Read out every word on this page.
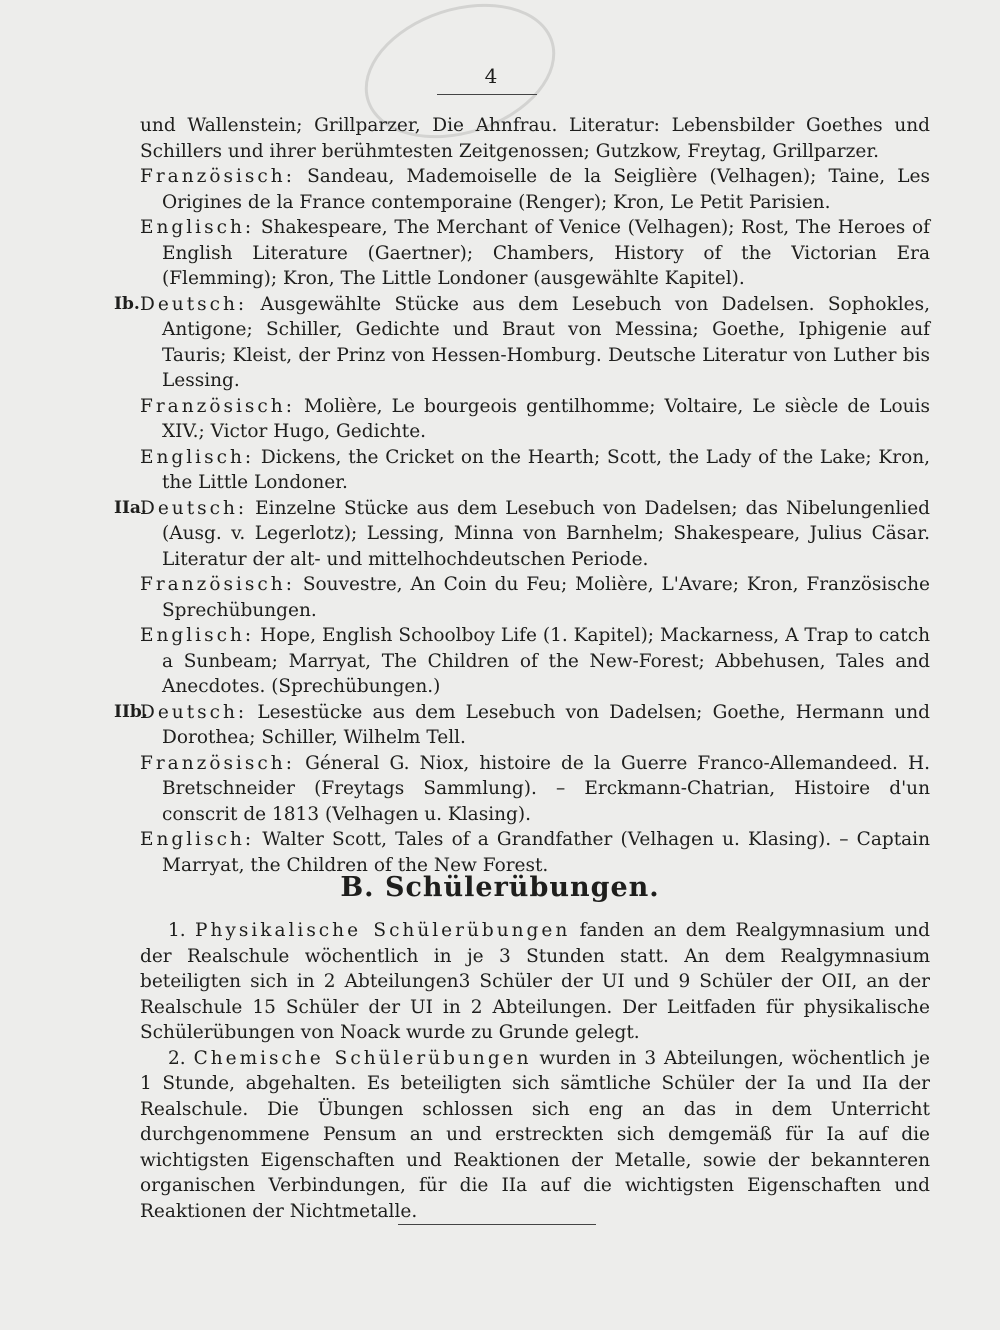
4

und Wallenstein; Grillparzer, Die Ahnfrau. Literatur: Lebensbilder Goethes und Schillers und ihrer berühmtesten Zeitgenossen; Gutzkow, Freytag, Grillparzer.

Französisch: Sandeau, Mademoiselle de la Seiglière (Velhagen); Taine, Les Origines de la France contemporaine (Renger); Kron, Le Petit Parisien.
Englisch: Shakespeare, The Merchant of Venice (Velhagen); Rost, The Heroes of English Literature (Gaertner); Chambers, History of the Victorian Era (Flemming); Kron, The Little Londoner (ausgewählte Kapitel).
Ib. Deutsch: Ausgewählte Stücke aus dem Lesebuch von Dadelsen. Sophokles, Antigone; Schiller, Gedichte und Braut von Messina; Goethe, Iphigenie auf Tauris; Kleist, der Prinz von Hessen-Homburg. Deutsche Literatur von Luther bis Lessing.
Französisch: Molière, Le bourgeois gentilhomme; Voltaire, Le siècle de Louis XIV.; Victor Hugo, Gedichte.
Englisch: Dickens, the Cricket on the Hearth; Scott, the Lady of the Lake; Kron, the Little Londoner.
IIa.
Deutsch: Einzelne Stücke aus dem Lesebuch von Dadelsen; das Nibelungenlied (Ausg. v. Legerlotz); Lessing, Minna von Barnhelm; Shakespeare, Julius Cäsar. Literatur der alt- und mittelhochdeutschen Periode.
Französisch: Souvestre, An Coin du Feu; Molière, L'Avare; Kron, Französische Sprechübungen.
Englisch: Hope, English Schoolboy Life (1. Kapitel); Mackarness, A Trap to catch a Sunbeam; Marryat, The Children of the New-Forest; Abbehusen, Tales and Anecdotes. (Sprechübungen.)
IIb.
Deutsch: Lesestücke aus dem Lesebuch von Dadelsen; Goethe, Hermann und Dorothea; Schiller, Wilhelm Tell.
Französisch: Géneral G. Niox, histoire de la Guerre Franco-Allemandeed. H. Bretschneider (Freytags Sammlung). – Erckmann-Chatrian, Histoire d'un conscrit de 1813 (Velhagen u. Klasing).
Englisch: Walter Scott, Tales of a Grandfather (Velhagen u. Klasing). – Captain Marryat, the Children of the New Forest.
B. Schülerübungen.

1. Physikalische Schülerübungen fanden an dem Realgymnasium und der Realschule wöchentlich in je 3 Stunden statt. An dem Realgymnasium beteiligten sich in 2 Abteilungen3 Schüler der UI und 9 Schüler der OII, an der Realschule 15 Schüler der UI in 2 Abteilungen. Der Leitfaden für physikalische Schülerübungen von Noack wurde zu Grunde gelegt.

2. Chemische Schülerübungen wurden in 3 Abteilungen, wöchentlich je 1 Stunde, abgehalten. Es beteiligten sich sämtliche Schüler der Ia und IIa der Realschule. Die Übungen schlossen sich eng an das in dem Unterricht durchgenommene Pensum an und erstreckten sich demgemäß für Ia auf die wichtigsten Eigenschaften und Reaktionen der Metalle, sowie der bekannteren organischen Verbindungen, für die IIa auf die wichtigsten Eigenschaften und Reaktionen der Nichtmetalle.
